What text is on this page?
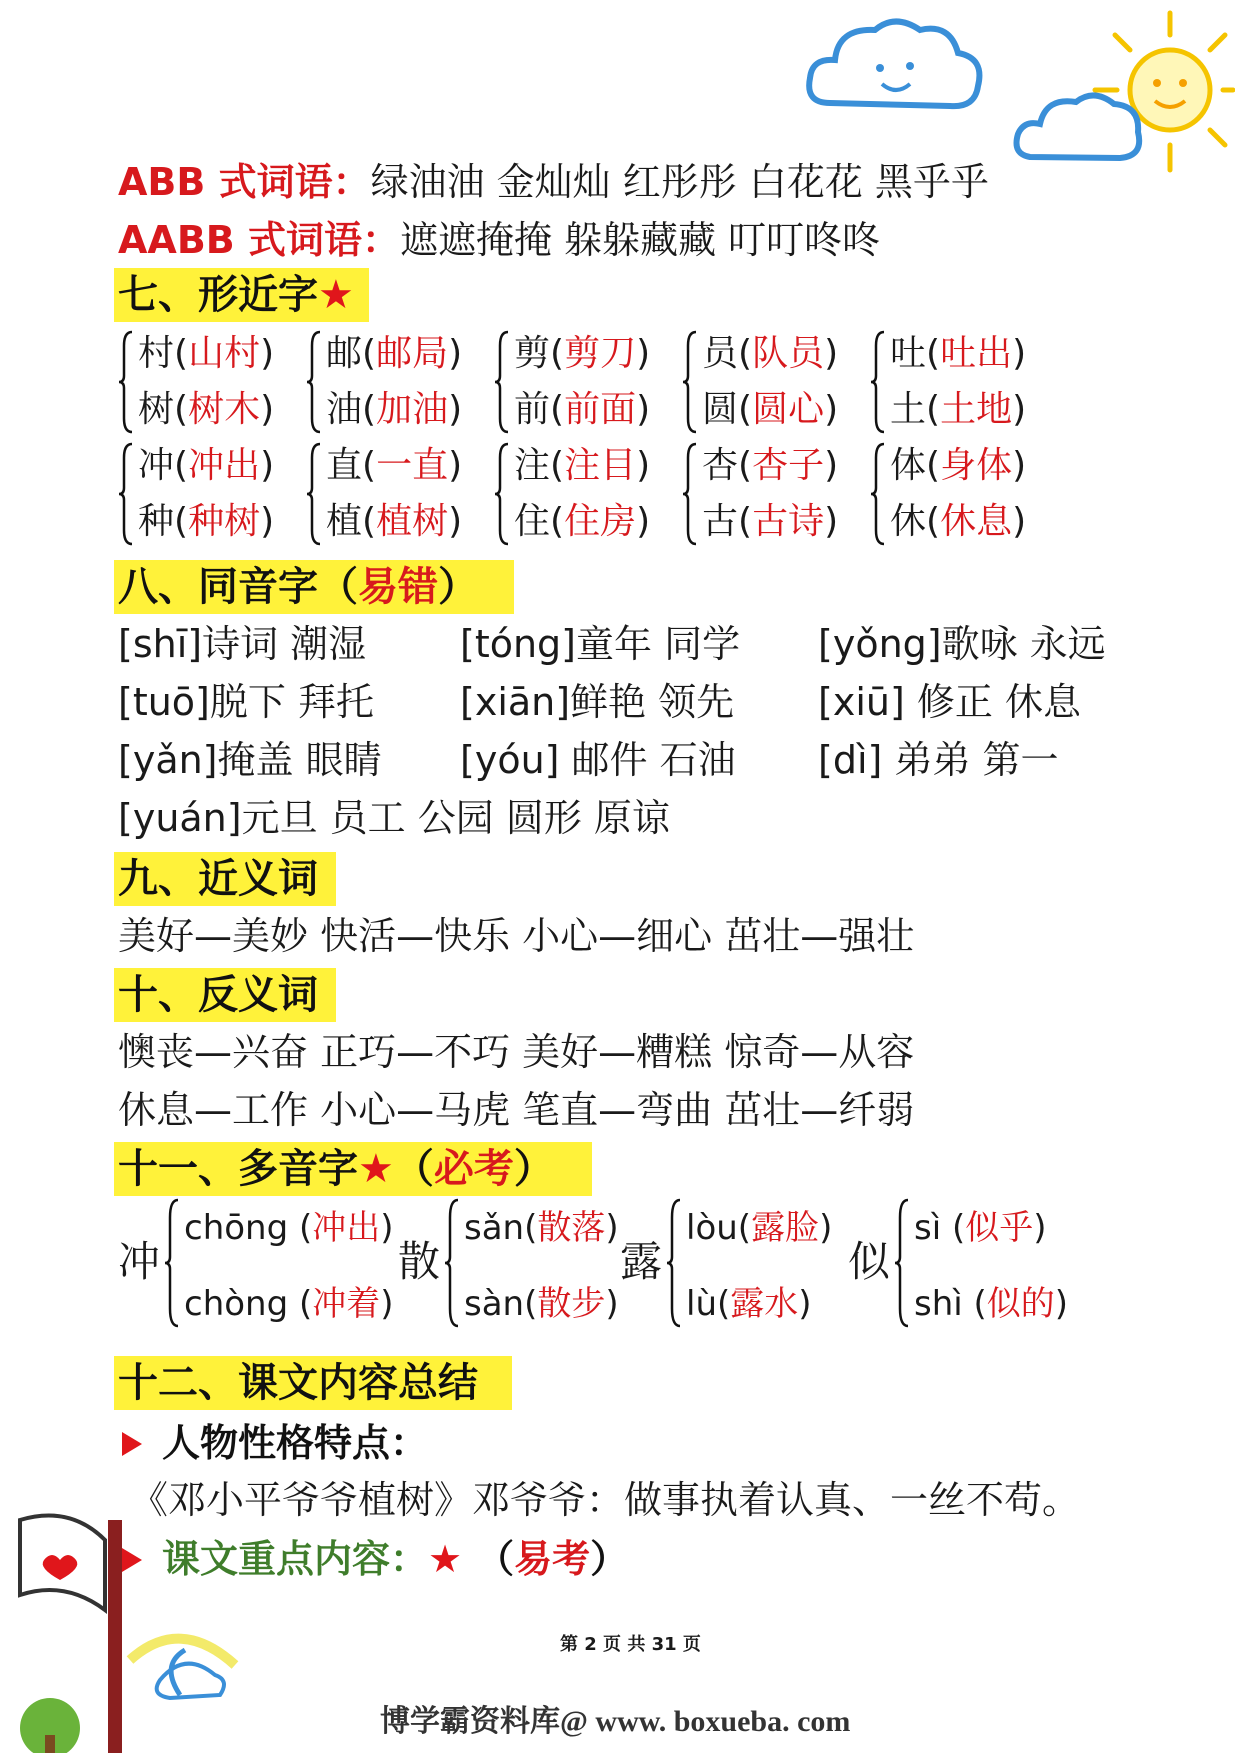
ABB 式词语：绿油油 金灿灿 红彤彤 白花花 黑乎乎
AABB 式词语：遮遮掩掩 躲躲藏藏 叮叮咚咚
七、形近字★
村(山村)
树(树木)
邮(邮局)
油(加油)
剪(剪刀)
前(前面)
员(队员)
圆(圆心)
吐(吐出)
土(土地)
冲(冲出)
种(种树)
直(一直)
植(植树)
注(注目)
住(住房)
杏(杏子)
古(古诗)
体(身体)
休(休息)
八、同音字（易错）
[shī]诗词 潮湿 [tóng]童年 同学 [yǒng]歌咏 永远
[tuō]脱下 拜托 [xiān]鲜艳 领先 [xiū] 修正 休息
[yǎn]掩盖 眼睛 [yóu] 邮件 石油 [dì] 弟弟 第一
[yuán]元旦 员工 公园 圆形 原谅
九、近义词
美好—美妙 快活—快乐 小心—细心 茁壮—强壮
十、反义词
懊丧—兴奋 正巧—不巧 美好—糟糕 惊奇—从容
休息—工作 小心—马虎 笔直—弯曲 茁壮—纤弱
十一、多音字★（必考）
冲
chōng (冲出)
chòng (冲着)
散
sǎn(散落)
sàn(散步)
露
lòu(露脸)
lù(露水)
似
sì (似乎)
shì (似的)
十二、课文内容总结
人物性格特点：
《邓小平爷爷植树》邓爷爷：做事执着认真、一丝不苟。
课文重点内容：★ （易考）
第 2 页 共 31 页
博学霸资料库@ www. boxueba. com
